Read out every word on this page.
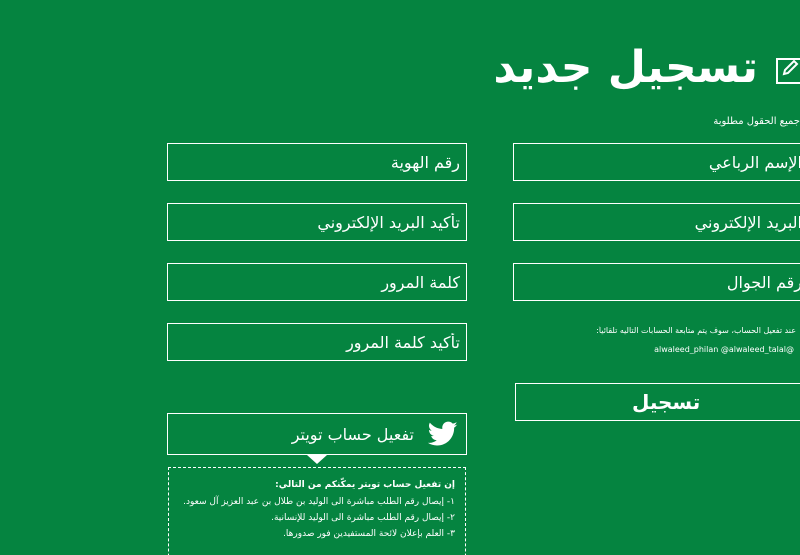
تسجيل جديد
جميع الحقول مطلوبة
الإسم الرباعي
البريد الإلكتروني
رقم الجوال
رقم الهوية
تأكيد البريد الإلكتروني
عند تفعيل الحساب، سوف يتم متابعة الحسابات التاليه تلقائياً:
@alwaleed_philan @alwaleed_talal
تسجيل
تفعيل حساب تويتر
إن تفعيل حساب تويتر يمكّنكم من التالي:
١- إيصال رقم الطلب مباشرة الى الوليد بن طلال بن عبد العزيز آل سعود.
٢- إيصال رقم الطلب مباشرة الى الوليد للإنسانية.
٣- العلم بإعلان لائحة المستفيدين فور صدورها.
